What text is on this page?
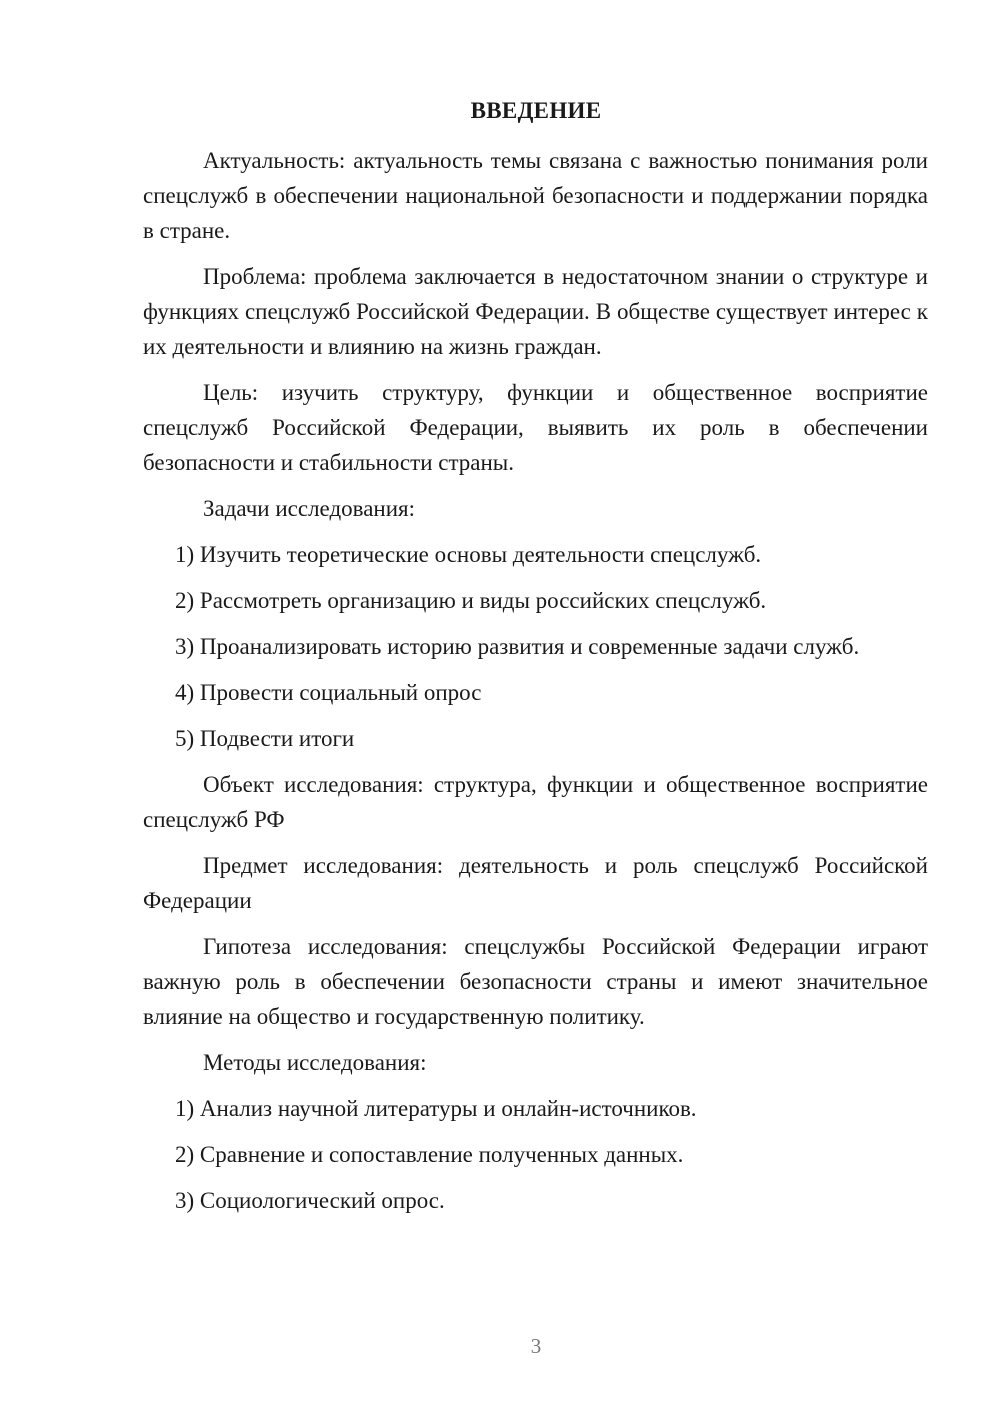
ВВЕДЕНИЕ

Актуальность: актуальность темы связана с важностью понимания роли спецслужб в обеспечении национальной безопасности и поддержании порядка в стране.

Проблема: проблема заключается в недостаточном знании о структуре и функциях спецслужб Российской Федерации. В обществе существует интерес к их деятельности и влиянию на жизнь граждан.

Цель: изучить структуру, функции и общественное восприятие спецслужб Российской Федерации, выявить их роль в обеспечении безопасности и стабильности страны.

Задачи исследования:

1) Изучить теоретические основы деятельности спецслужб.
2) Рассмотреть организацию и виды российских спецслужб.
3) Проанализировать историю развития и современные задачи служб.
4) Провести социальный опрос
5) Подвести итоги

Объект исследования: структура, функции и общественное восприятие спецслужб РФ

Предмет исследования: деятельность и роль спецслужб Российской Федерации

Гипотеза исследования: спецслужбы Российской Федерации играют важную роль в обеспечении безопасности страны и имеют значительное влияние на общество и государственную политику.

Методы исследования:

1) Анализ научной литературы и онлайн-источников.
2) Сравнение и сопоставление полученных данных.
3) Социологический опрос.
3
